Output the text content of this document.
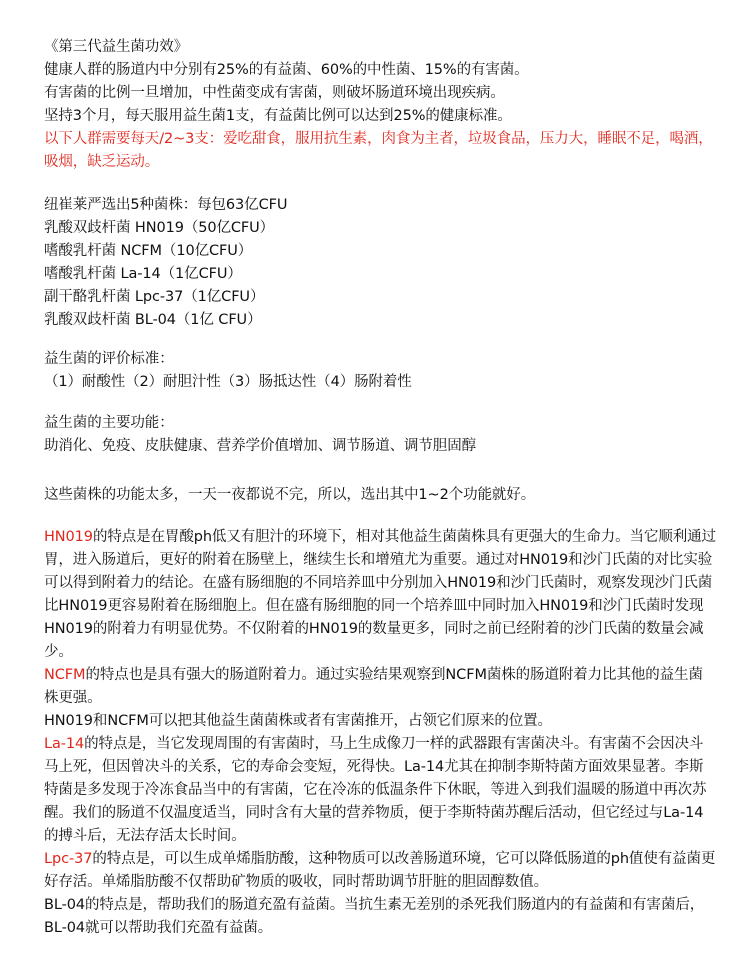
《第三代益生菌功效》
健康人群的肠道内中分别有25%的有益菌、60%的中性菌、15%的有害菌。
有害菌的比例一旦增加，中性菌变成有害菌，则破坏肠道环境出现疾病。
坚持3个月，每天服用益生菌1支，有益菌比例可以达到25%的健康标准。
以下人群需要每天/2~3支：爱吃甜食，服用抗生素，肉食为主者，垃圾食品，压力大，睡眠不足，喝酒，吸烟，缺乏运动。
纽崔莱严选出5种菌株：每包63亿CFU
乳酸双歧杆菌 HN019（50亿CFU）
嗜酸乳杆菌 NCFM（10亿CFU）
嗜酸乳杆菌 La-14（1亿CFU）
副干酪乳杆菌 Lpc-37（1亿CFU）
乳酸双歧杆菌 BL-04（1亿 CFU）
益生菌的评价标准：
（1）耐酸性（2）耐胆汁性（3）肠抵达性（4）肠附着性
益生菌的主要功能：
助消化、免疫、皮肤健康、营养学价值增加、调节肠道、调节胆固醇
这些菌株的功能太多，一天一夜都说不完，所以，选出其中1~2个功能就好。
HN019的特点是在胃酸ph低又有胆汁的环境下，相对其他益生菌菌株具有更强大的生命力。当它顺利通过胃，进入肠道后，更好的附着在肠壁上，继续生长和增殖尤为重要。通过对HN019和沙门氏菌的对比实验可以得到附着力的结论。在盛有肠细胞的不同培养皿中分别加入HN019和沙门氏菌时，观察发现沙门氏菌比HN019更容易附着在肠细胞上。但在盛有肠细胞的同一个培养皿中同时加入HN019和沙门氏菌时发现HN019的附着力有明显优势。不仅附着的HN019的数量更多，同时之前已经附着的沙门氏菌的数量会减少。
NCFM的特点也是具有强大的肠道附着力。通过实验结果观察到NCFM菌株的肠道附着力比其他的益生菌株更强。
HN019和NCFM可以把其他益生菌菌株或者有害菌推开，占领它们原来的位置。
La-14的特点是，当它发现周围的有害菌时，马上生成像刀一样的武器跟有害菌决斗。有害菌不会因决斗马上死，但因曾决斗的关系，它的寿命会变短，死得快。La-14尤其在抑制李斯特菌方面效果显著。李斯特菌是多发现于冷冻食品当中的有害菌，它在冷冻的低温条件下休眠，等进入到我们温暖的肠道中再次苏醒。我们的肠道不仅温度适当，同时含有大量的营养物质，便于李斯特菌苏醒后活动，但它经过与La-14的搏斗后，无法存活太长时间。
Lpc-37的特点是，可以生成单烯脂肪酸，这种物质可以改善肠道环境，它可以降低肠道的ph值使有益菌更好存活。单烯脂肪酸不仅帮助矿物质的吸收，同时帮助调节肝脏的胆固醇数值。
BL-04的特点是，帮助我们的肠道充盈有益菌。当抗生素无差别的杀死我们肠道内的有益菌和有害菌后，BL-04就可以帮助我们充盈有益菌。
